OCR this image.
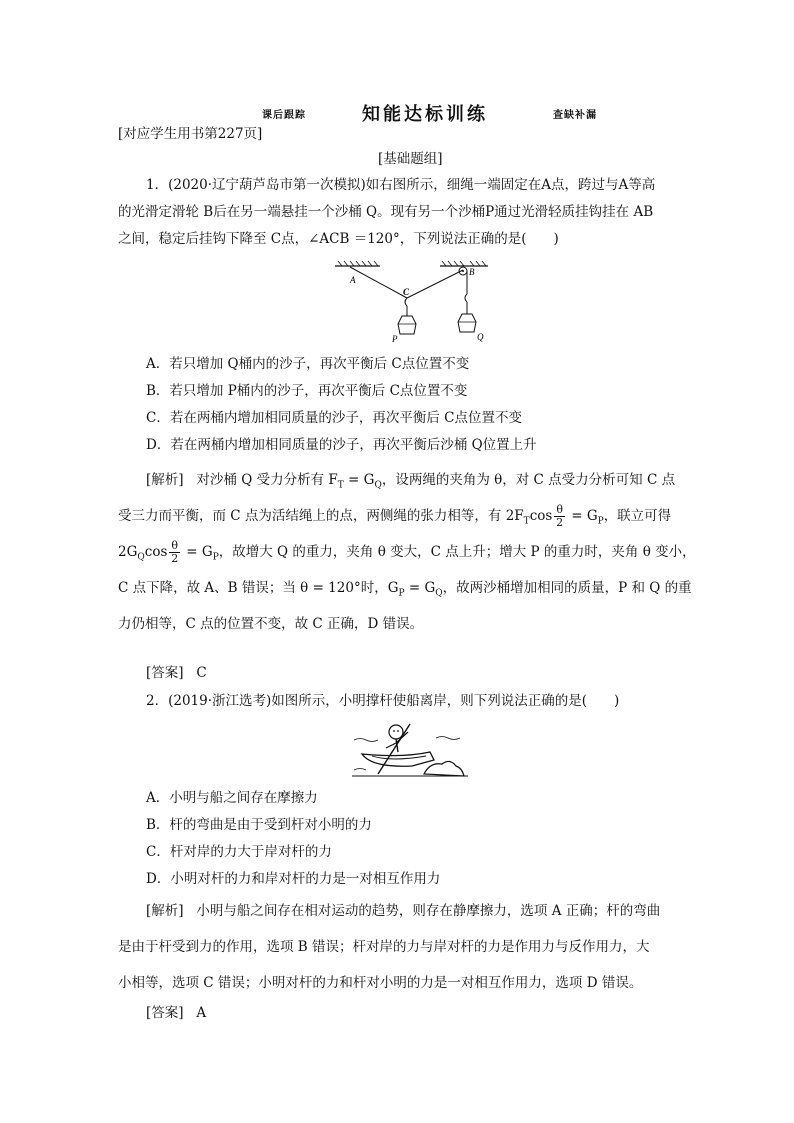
课后跟踪	知能达标训练	查缺补漏
[对应学生用书第227页]
[基础题组]
1．(2020·辽宁葫芦岛市第一次模拟)如右图所示，细绳一端固定在A点，跨过与A等高
的光滑定滑轮 B后在另一端悬挂一个沙桶 Q。现有另一个沙桶P通过光滑轻质挂钩挂在 AB
之间，稳定后挂钩下降至 C点，∠ACB ＝120°，下列说法正确的是(　　)
A
B
C
P	Q
A．若只增加 Q桶内的沙子，再次平衡后 C点位置不变
B．若只增加 P桶内的沙子，再次平衡后 C点位置不变
C．若在两桶内增加相同质量的沙子，再次平衡后 C点位置不变
D．若在两桶内增加相同质量的沙子，再次平衡后沙桶 Q位置上升
[解析] 对沙桶 Q 受力分析有 $F_T = G_Q$，设两绳的夹角为 θ，对 C 点受力分析可知 C 点
受三力而平衡，而 C 点为活结绳上的点，两侧绳的张力相等，有 $2F_T\cos \frac{\theta}{2} = G_P$，联立可得
$2G_Q\cos \frac{\theta}{2} = G_P$，故增大 Q 的重力，夹角 θ 变大，C 点上升；增大 P 的重力时，夹角 θ 变小，
C 点下降，故 A、B 错误；当 θ = 120°时，$G_P = G_Q$，故两沙桶增加相同的质量，P 和 Q 的重
力仍相等，C 点的位置不变，故 C 正确，D 错误。
[答案] C
2．(2019·浙江选考)如图所示，小明撑杆使船离岸，则下列说法正确的是(　　)
A．小明与船之间存在摩擦力
B．杆的弯曲是由于受到杆对小明的力
C．杆对岸的力大于岸对杆的力
D．小明对杆的力和岸对杆的力是一对相互作用力
[解析] 小明与船之间存在相对运动的趋势，则存在静摩擦力，选项 A 正确；杆的弯曲
是由于杆受到力的作用，选项 B 错误；杆对岸的力与岸对杆的力是作用力与反作用力，大
小相等，选项 C 错误；小明对杆的力和杆对小明的力是一对相互作用力，选项 D 错误。
[答案] A
